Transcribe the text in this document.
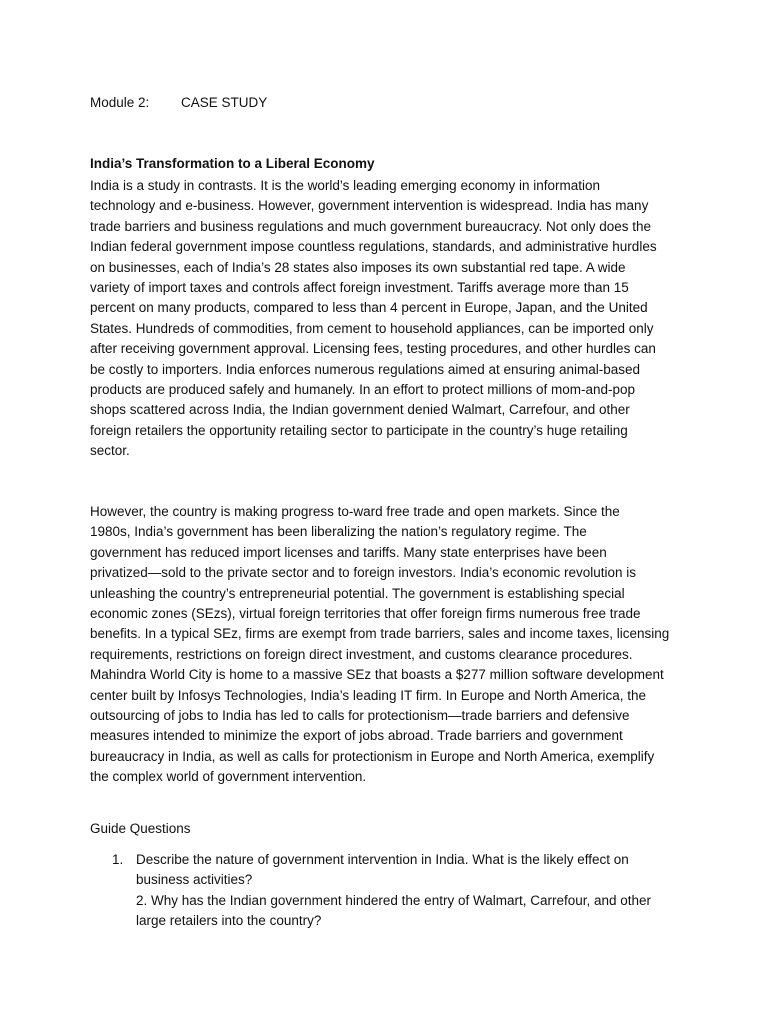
Module 2: CASE STUDY
India’s Transformation to a Liberal Economy
India is a study in contrasts. It is the world’s leading emerging economy in information
technology and e-business. However, government intervention is widespread. India has many
trade barriers and business regulations and much government bureaucracy. Not only does the
Indian federal government impose countless regulations, standards, and administrative hurdles
on businesses, each of India’s 28 states also imposes its own substantial red tape. A wide
variety of import taxes and controls affect foreign investment. Tariffs average more than 15
percent on many products, compared to less than 4 percent in Europe, Japan, and the United
States. Hundreds of commodities, from cement to household appliances, can be imported only
after receiving government approval. Licensing fees, testing procedures, and other hurdles can
be costly to importers. India enforces numerous regulations aimed at ensuring animal-based
products are produced safely and humanely. In an effort to protect millions of mom-and-pop
shops scattered across India, the Indian government denied Walmart, Carrefour, and other
foreign retailers the opportunity retailing sector to participate in the country’s huge retailing
sector.
However, the country is making progress to-ward free trade and open markets. Since the
1980s, India’s government has been liberalizing the nation’s regulatory regime. The
government has reduced import licenses and tariffs. Many state enterprises have been
privatized—sold to the private sector and to foreign investors. India’s economic revolution is
unleashing the country’s entrepreneurial potential. The government is establishing special
economic zones (SEzs), virtual foreign territories that offer foreign firms numerous free trade
benefits. In a typical SEz, firms are exempt from trade barriers, sales and income taxes, licensing
requirements, restrictions on foreign direct investment, and customs clearance procedures.
Mahindra World City is home to a massive SEz that boasts a $277 million software development
center built by Infosys Technologies, India’s leading IT firm. In Europe and North America, the
outsourcing of jobs to India has led to calls for protectionism—trade barriers and defensive
measures intended to minimize the export of jobs abroad. Trade barriers and government
bureaucracy in India, as well as calls for protectionism in Europe and North America, exemplify
the complex world of government intervention.
Guide Questions
1. Describe the nature of government intervention in India. What is the likely effect on
business activities?
2. Why has the Indian government hindered the entry of Walmart, Carrefour, and other
large retailers into the country?
